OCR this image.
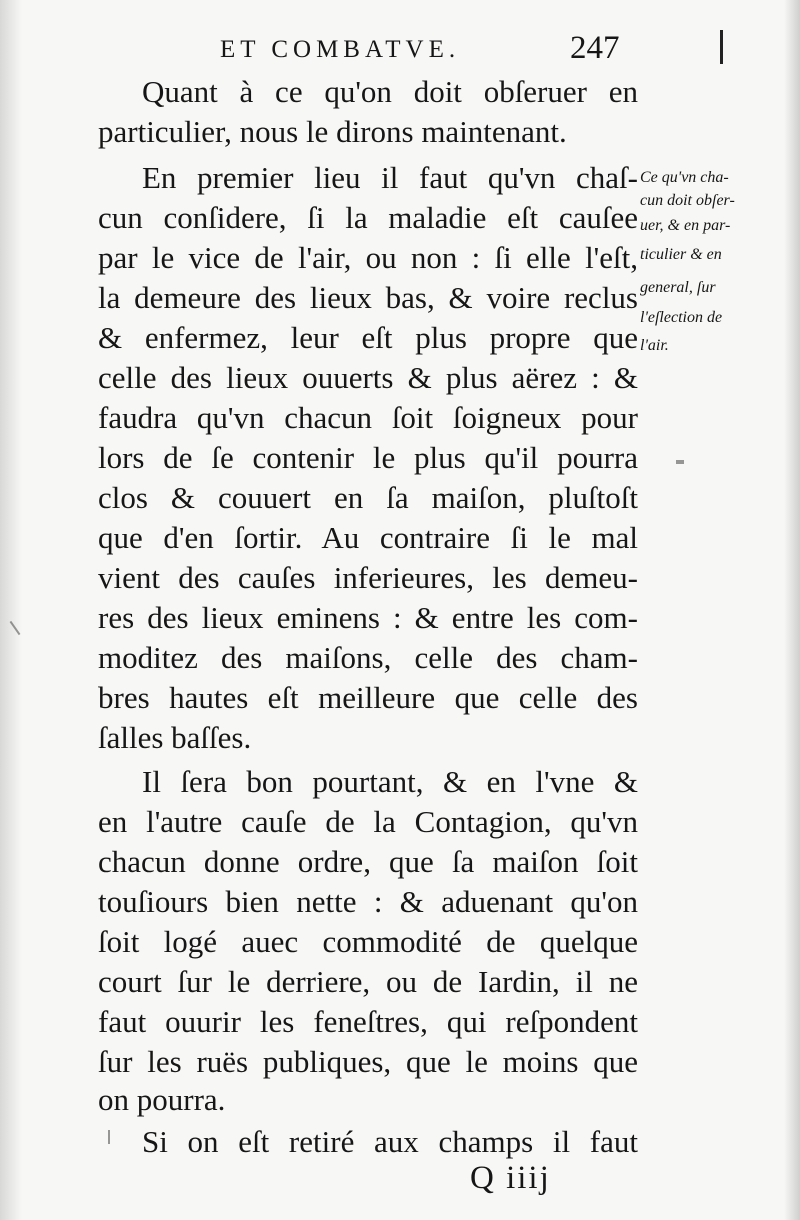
ET COMBATVE.	247
Quant à ce qu'on doit obſeruer en
particulier, nous le dirons maintenant.
En premier lieu il faut qu'vn chaſ-
cun conſidere, ſi la maladie eſt cauſee
par le vice de l'air, ou non : ſi elle l'eſt,
la demeure des lieux bas, & voire reclus
& enfermez, leur eſt plus propre que
celle des lieux ouuerts & plus aërez : &
faudra qu'vn chacun ſoit ſoigneux pour
lors de ſe contenir le plus qu'il pourra
clos & couuert en ſa maiſon, pluſtoſt
que d'en ſortir. Au contraire ſi le mal
vient des cauſes inferieures, les demeu-
res des lieux eminens : & entre les com-
moditez des maiſons, celle des cham-
bres hautes eſt meilleure que celle des
ſalles baſſes.
Il ſera bon pourtant, & en l'vne &
en l'autre cauſe de la Contagion, qu'vn
chacun donne ordre, que ſa maiſon ſoit
touſiours bien nette : & aduenant qu'on
ſoit logé auec commodité de quelque
court ſur le derriere, ou de Iardin, il ne
faut ouurir les feneſtres, qui reſpondent
ſur les ruës publiques, que le moins que
on pourra.
Si on eſt retiré aux champs il faut
Ce qu'vn cha-
cun doit obſer-
uer, & en par-
ticulier & en
general, ſur
l'eſlection de
l'air.
Q iiij
